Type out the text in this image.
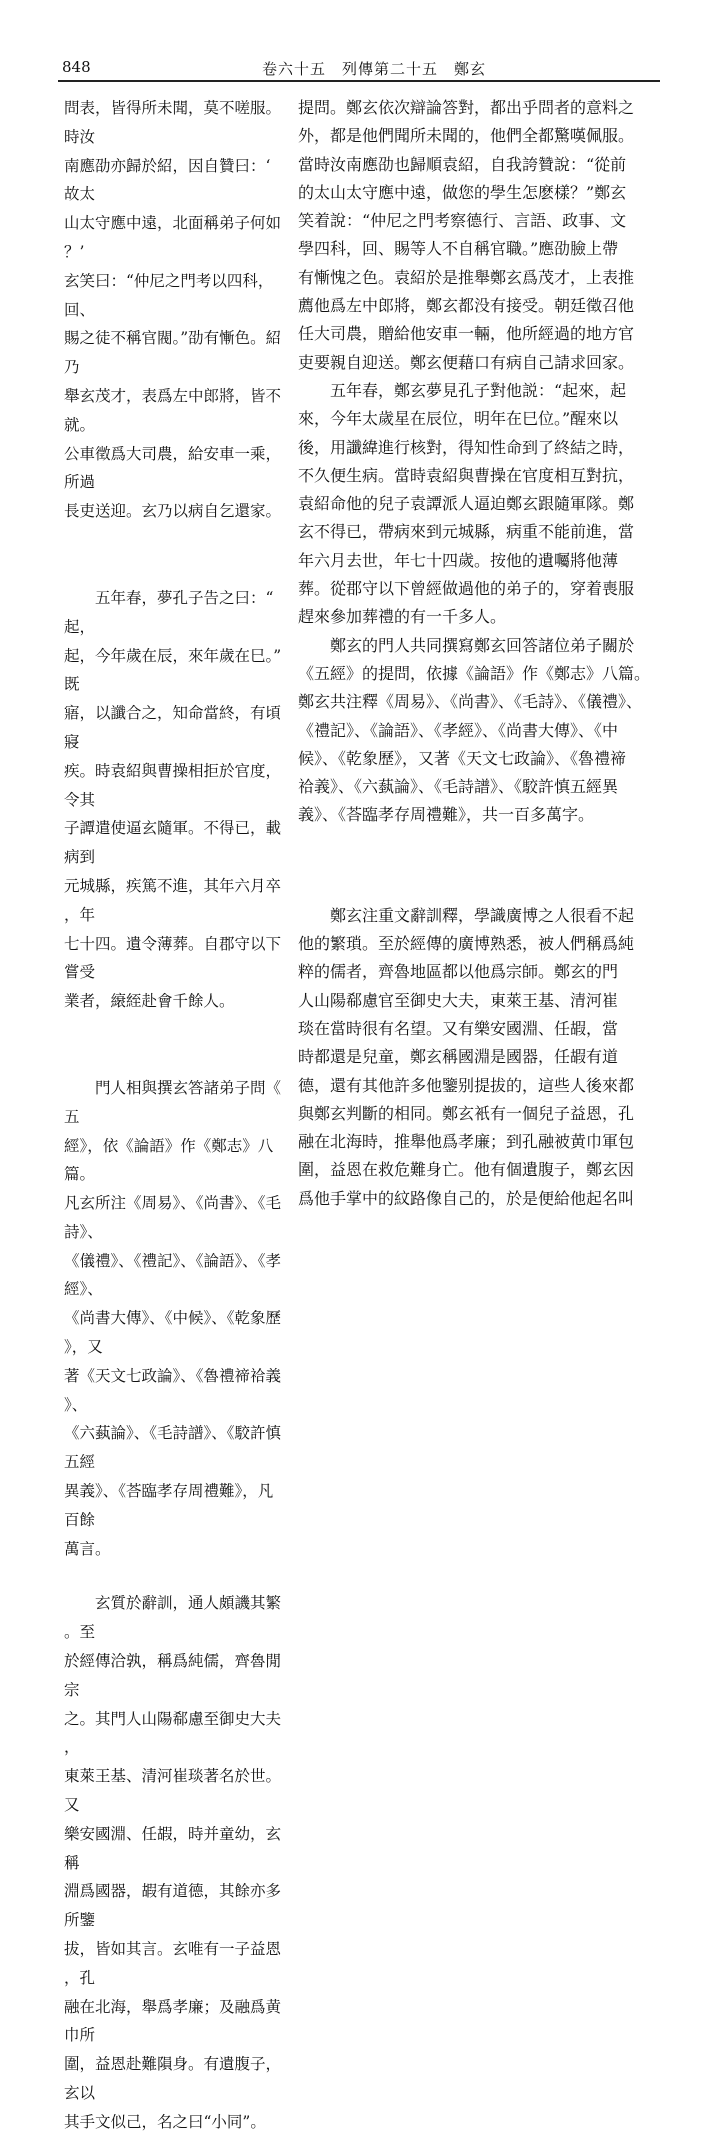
848	卷六十五　列傳第二十五　鄭玄

問表，皆得所未聞，莫不嗟服。時汝
南應劭亦歸於紹，因自贊曰：‘故太
山太守應中遠，北面稱弟子何如？’
玄笑曰：“仲尼之門考以四科，回、
賜之徒不稱官閥。”劭有慚色。紹乃
舉玄茂才，表爲左中郎將，皆不就。
公車徵爲大司農，給安車一乘，所過
長吏送迎。玄乃以病自乞還家。

　　五年春，夢孔子告之曰：“起，
起，今年歲在辰，來年歲在巳。”既
寤，以讖合之，知命當終，有頃寢
疾。時袁紹與曹操相拒於官度，令其
子譚遣使逼玄隨軍。不得已，載病到
元城縣，疾篤不進，其年六月卒，年
七十四。遺令薄葬。自郡守以下嘗受
業者，縗絰赴會千餘人。

　　門人相與撰玄答諸弟子問《五
經》，依《論語》作《鄭志》八篇。
凡玄所注《周易》、《尚書》、《毛詩》、
《儀禮》、《禮記》、《論語》、《孝經》、
《尚書大傳》、《中候》、《乾象歷》，又
著《天文七政論》、《魯禮禘祫義》、
《六蓺論》、《毛詩譜》、《駮許慎五經
異義》、《荅臨孝存周禮難》，凡百餘
萬言。

　　玄質於辭訓，通人頗譏其繁。至
於經傳洽孰，稱爲純儒，齊魯閒宗
之。其門人山陽郗慮至御史大夫，
東萊王基、清河崔琰著名於世。又
樂安國淵、任嘏，時并童幼，玄稱
淵爲國器，嘏有道德，其餘亦多所鑒
拔，皆如其言。玄唯有一子益恩，孔
融在北海，舉爲孝廉；及融爲黄巾所
圍，益恩赴難隕身。有遺腹子，玄以
其手文似己，名之曰“小同”。

提問。鄭玄依次辯論答對，都出乎問者的意料之
外，都是他們聞所未聞的，他們全都驚嘆佩服。
當時汝南應劭也歸順袁紹，自我誇贊說：“從前
的太山太守應中遠，做您的學生怎麽樣？”鄭玄
笑着說：“仲尼之門考察德行、言語、政事、文
學四科，回、賜等人不自稱官職。”應劭臉上帶
有慚愧之色。袁紹於是推舉鄭玄爲茂才，上表推
薦他爲左中郎將，鄭玄都没有接受。朝廷徵召他
任大司農，贈給他安車一輛，他所經過的地方官
吏要親自迎送。鄭玄便藉口有病自己請求回家。

　　五年春，鄭玄夢見孔子對他説：“起來，起
來，今年太歲星在辰位，明年在巳位。”醒來以
後，用讖緯進行核對，得知性命到了終結之時，
不久便生病。當時袁紹與曹操在官度相互對抗，
袁紹命他的兒子袁譚派人逼迫鄭玄跟隨軍隊。鄭
玄不得已，帶病來到元城縣，病重不能前進，當
年六月去世，年七十四歲。按他的遺囑將他薄
葬。從郡守以下曾經做過他的弟子的，穿着喪服
趕來參加葬禮的有一千多人。

　　鄭玄的門人共同撰寫鄭玄回答諸位弟子關於
《五經》的提問，依據《論語》作《鄭志》八篇。
鄭玄共注釋《周易》、《尚書》、《毛詩》、《儀禮》、
《禮記》、《論語》、《孝經》、《尚書大傳》、《中
候》、《乾象歷》，又著《天文七政論》、《魯禮禘
祫義》、《六蓺論》、《毛詩譜》、《駮許慎五經異
義》、《荅臨孝存周禮難》，共一百多萬字。

　　鄭玄注重文辭訓釋，學識廣博之人很看不起
他的繁瑣。至於經傳的廣博熟悉，被人們稱爲純
粹的儒者，齊魯地區都以他爲宗師。鄭玄的門
人山陽郗慮官至御史大夫，東萊王基、清河崔
琰在當時很有名望。又有樂安國淵、任嘏，當
時都還是兒童，鄭玄稱國淵是國器，任嘏有道
德，還有其他許多他鑒别提拔的，這些人後來都
與鄭玄判斷的相同。鄭玄衹有一個兒子益恩，孔
融在北海時，推舉他爲孝廉；到孔融被黄巾軍包
圍，益恩在救危難身亡。他有個遺腹子，鄭玄因
爲他手掌中的紋路像自己的，於是便給他起名叫
